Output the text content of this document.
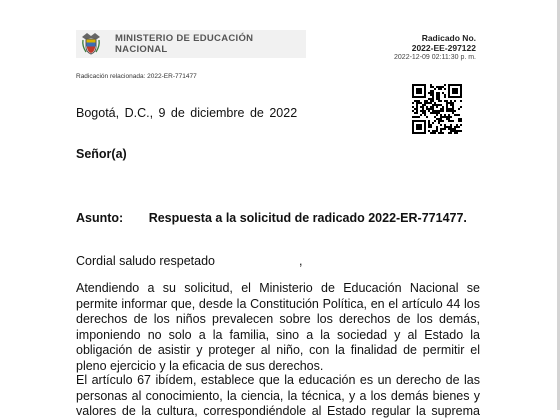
MINISTERIO DE EDUCACIÓN
NACIONAL
Radicado No.
2022-EE-297122
2022-12-09 02:11:30 p. m.
Radicación relacionada: 2022-ER-771477
Bogotá, D.C., 9 de diciembre de 2022
Señor(a)
Asunto: Respuesta a la solicitud de radicado 2022-ER-771477.
Cordial saludo respetado	,
Atendiendo a su solicitud, el Ministerio de Educación Nacional se permite informar que, desde la Constitución Política, en el artículo 44 los derechos de los niños prevalecen sobre los derechos de los demás, imponiendo no solo a la familia, sino a la sociedad y al Estado la obligación de asistir y proteger al niño, con la finalidad de permitir el pleno ejercicio y la eficacia de sus derechos.

El artículo 67 ibídem, establece que la educación es un derecho de las personas al conocimiento, la ciencia, la técnica, y a los demás bienes y valores de la cultura, correspondiéndole al Estado regular la suprema
